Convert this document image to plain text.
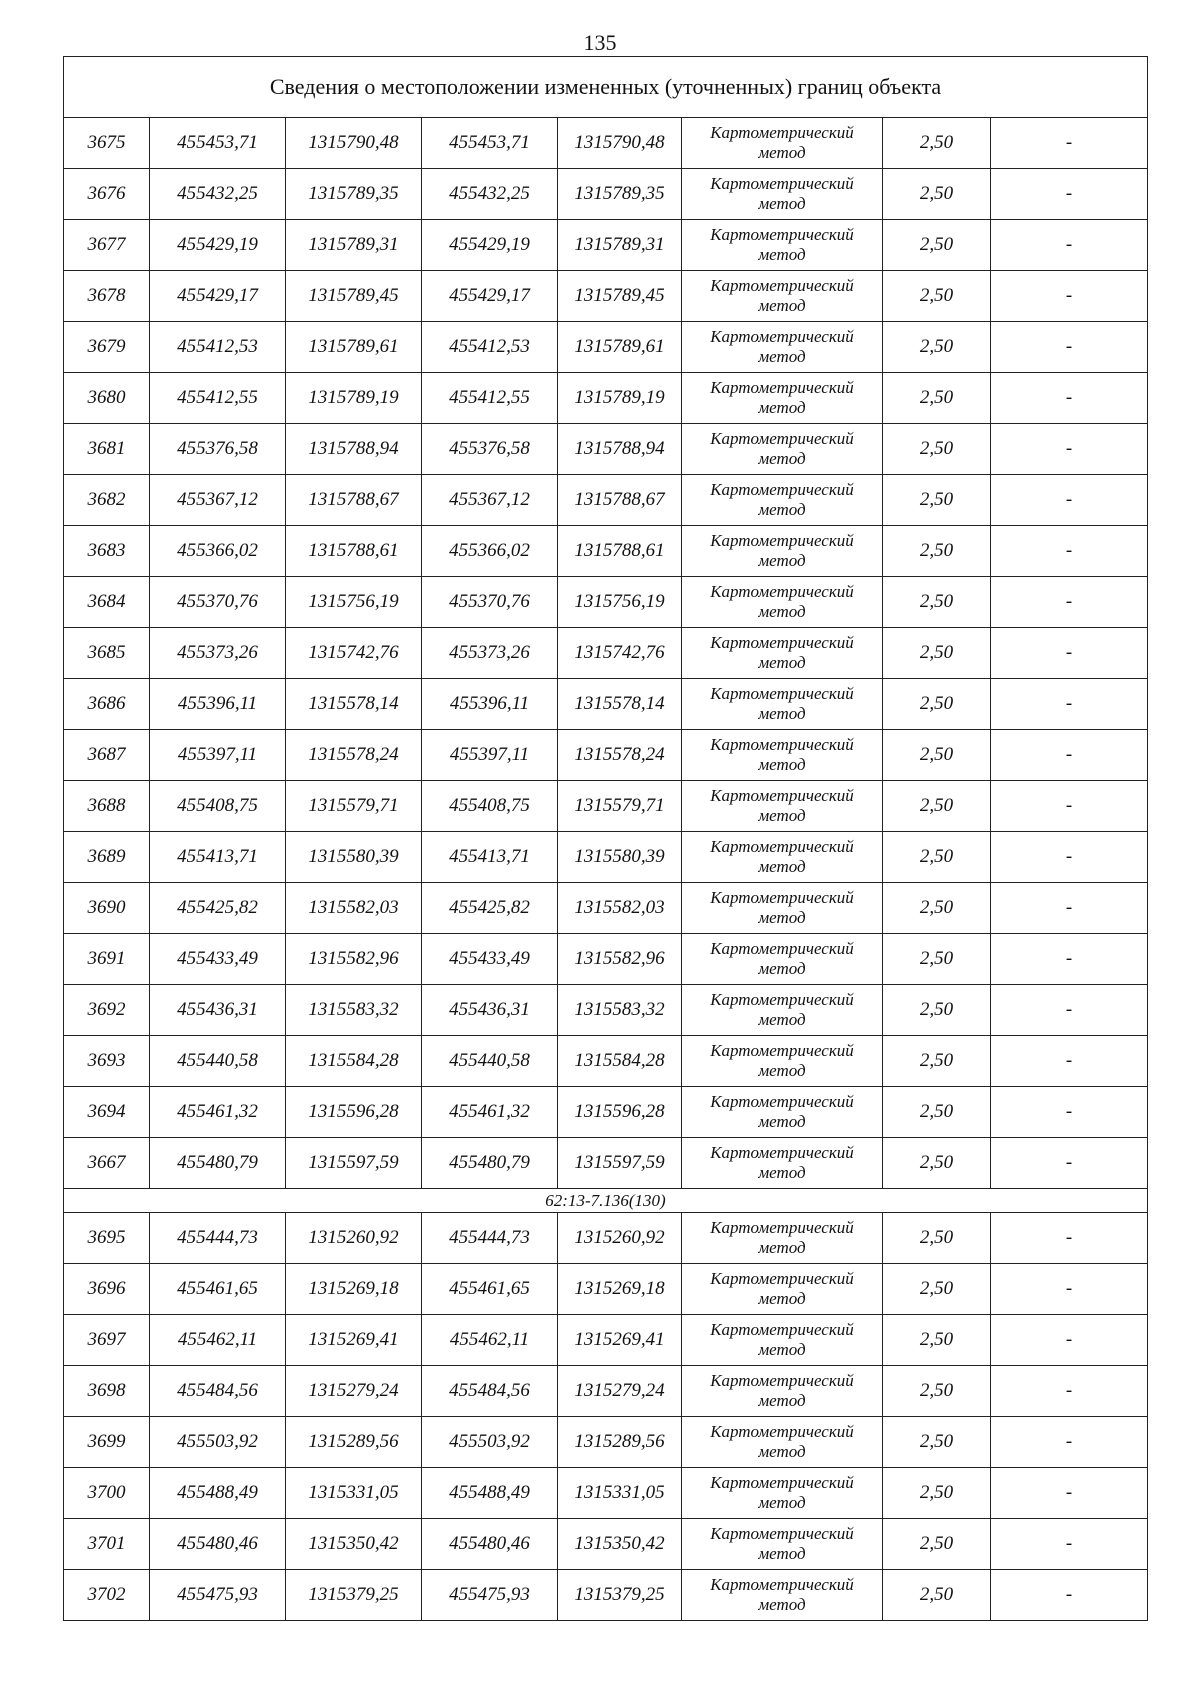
135
Сведения о местоположении измененных (уточненных) границ объекта							
3675	455453,71	1315790,48	455453,71	1315790,48	Картометрический
метод	2,50	-
3676	455432,25	1315789,35	455432,25	1315789,35	Картометрический
метод	2,50	-
3677	455429,19	1315789,31	455429,19	1315789,31	Картометрический
метод	2,50	-
3678	455429,17	1315789,45	455429,17	1315789,45	Картометрический
метод	2,50	-
3679	455412,53	1315789,61	455412,53	1315789,61	Картометрический
метод	2,50	-
3680	455412,55	1315789,19	455412,55	1315789,19	Картометрический
метод	2,50	-
3681	455376,58	1315788,94	455376,58	1315788,94	Картометрический
метод	2,50	-
3682	455367,12	1315788,67	455367,12	1315788,67	Картометрический
метод	2,50	-
3683	455366,02	1315788,61	455366,02	1315788,61	Картометрический
метод	2,50	-
3684	455370,76	1315756,19	455370,76	1315756,19	Картометрический
метод	2,50	-
3685	455373,26	1315742,76	455373,26	1315742,76	Картометрический
метод	2,50	-
3686	455396,11	1315578,14	455396,11	1315578,14	Картометрический
метод	2,50	-
3687	455397,11	1315578,24	455397,11	1315578,24	Картометрический
метод	2,50	-
3688	455408,75	1315579,71	455408,75	1315579,71	Картометрический
метод	2,50	-
3689	455413,71	1315580,39	455413,71	1315580,39	Картометрический
метод	2,50	-
3690	455425,82	1315582,03	455425,82	1315582,03	Картометрический
метод	2,50	-
3691	455433,49	1315582,96	455433,49	1315582,96	Картометрический
метод	2,50	-
3692	455436,31	1315583,32	455436,31	1315583,32	Картометрический
метод	2,50	-
3693	455440,58	1315584,28	455440,58	1315584,28	Картометрический
метод	2,50	-
3694	455461,32	1315596,28	455461,32	1315596,28	Картометрический
метод	2,50	-
3667	455480,79	1315597,59	455480,79	1315597,59	Картометрический
метод	2,50	-
62:13-7.136(130)							
3695	455444,73	1315260,92	455444,73	1315260,92	Картометрический
метод	2,50	-
3696	455461,65	1315269,18	455461,65	1315269,18	Картометрический
метод	2,50	-
3697	455462,11	1315269,41	455462,11	1315269,41	Картометрический
метод	2,50	-
3698	455484,56	1315279,24	455484,56	1315279,24	Картометрический
метод	2,50	-
3699	455503,92	1315289,56	455503,92	1315289,56	Картометрический
метод	2,50	-
3700	455488,49	1315331,05	455488,49	1315331,05	Картометрический
метод	2,50	-
3701	455480,46	1315350,42	455480,46	1315350,42	Картометрический
метод	2,50	-
3702	455475,93	1315379,25	455475,93	1315379,25	Картометрический
метод	2,50	-
